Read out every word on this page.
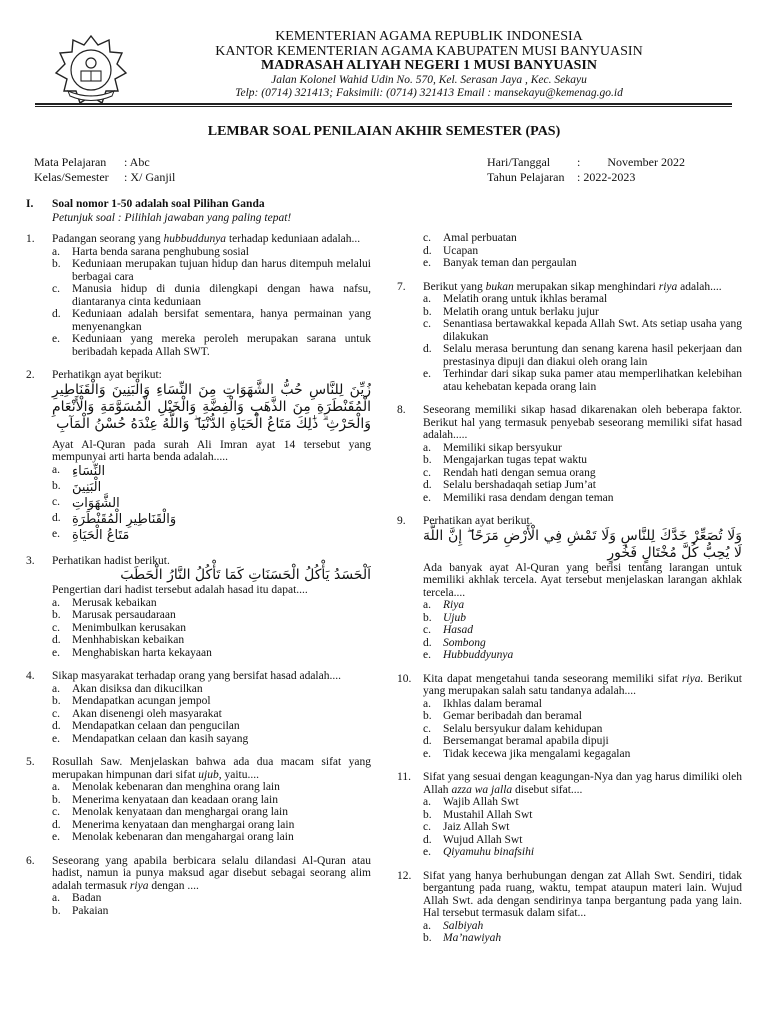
KEMENTERIAN AGAMA REPUBLIK INDONESIA
KANTOR KEMENTERIAN AGAMA KABUPATEN MUSI BANYUASIN
MADRASAH ALIYAH NEGERI 1 MUSI BANYUASIN
Jalan Kolonel Wahid Udin No. 570, Kel. Serasan Jaya , Kec. Sekayu
Telp: (0714) 321413; Faksimili: (0714) 321413 Email : mansekayu@kemenag.go.id
LEMBAR SOAL PENILAIAN AKHIR SEMESTER (PAS)
Mata Pelajaran : Abc
Kelas/Semester : X/ Ganjil
Hari/Tanggal :         November 2022
Tahun Pelajaran : 2022-2023
I. Soal nomor 1-50 adalah soal Pilihan Ganda
Petunjuk soal : Pilihlah jawaban yang paling tepat!
1.	Padangan seorang yang hubbuddunya terhadap keduniaan adalah...
a.	Harta benda sarana penghubung sosial
b. Keduniaan merupakan tujuan hidup dan harus ditempuh melalui berbagai cara
c.	Manusia hidup di dunia dilengkapi dengan hawa nafsu, diantaranya cinta keduniaan
d. Keduniaan adalah bersifat sementara, hanya permainan yang menyenangkan
e.	Keduniaan yang mereka peroleh merupakan sarana untuk beribadah kepada Allah SWT.
2.	Perhatikan ayat berikut:
زُيِّنَ لِلنَّاسِ حُبُّ الشَّهَوَاتِ مِنَ النِّسَاءِ وَالْبَنِينَ وَالْقَنَاطِيرِ الْمُقَنْطَرَةِ مِنَ الذَّهَبِ وَالْفِضَّةِ وَالْخَيْلِ الْمُسَوَّمَةِ وَالْأَنْعَامِ وَالْحَرْثِ ۗ ذَٰلِكَ مَتَاعُ الْحَيَاةِ الدُّنْيَا ۖ وَاللَّهُ عِنْدَهُ حُسْنُ الْمَآبِ
Ayat Al-Quran pada surah Ali Imran ayat 14 tersebut yang mempunyai arti harta benda adalah.....
a. النِّسَاءِ
b. الْبَنِينَ
c. الشَّهَوَاتِ
d. وَالْقَنَاطِيرِ الْمُقَنْطَرَةِ
e. مَتَاعُ الْحَيَاةِ
3.	Perhatikan hadist berikut.
اَلْحَسَدُ يَأْكُلُ الْحَسَنَاتِ كَمَا تَأْكُلُ النَّارُ الْحَطَبَ
Pengertian dari hadist tersebut adalah hasad itu dapat....
a.	Merusak kebaikan
b. Marusak persaudaraan
c.	Menimbulkan kerusakan
d. Menhhabiskan kebaikan
e.	Menghabiskan harta kekayaan
4.	Sikap masyarakat terhadap orang yang bersifat hasad adalah....
a.	Akan disiksa dan dikucilkan
b. Mendapatkan acungan jempol
c.	Akan disenengi oleh masyarakat
d. Mendapatkan celaan dan pengucilan
e.	Mendapatkan celaan dan kasih sayang
5.	Rosullah Saw. Menjelaskan bahwa ada dua macam sifat yang merupakan himpunan dari sifat ujub, yaitu....
a.	Menolak kebenaran dan menghina orang lain
b. Menerima kenyataan dan keadaan orang lain
c.	Menolak kenyataan dan menghargai orang lain
d. Menerima kenyataan dan menghargai orang lain
e.	Menolak kebenaran dan mengahargai orang lain
6.	Seseorang yang apabila berbicara selalu dilandasi Al-Quran atau hadist, namun ia punya maksud agar disebut sebagai seorang alim adalah termasuk riya dengan ....
a.	Badan
b. Pakaian
c.	Amal perbuatan
d. Ucapan
e.	Banyak teman dan pergaulan
7.	Berikut yang bukan merupakan sikap menghindari riya adalah....
a.	Melatih orang untuk ikhlas beramal
b. Melatih orang untuk berlaku jujur
c.	Senantiasa bertawakkal kepada Allah Swt. Ats setiap usaha yang dilakukan
d. Selalu merasa beruntung dan senang karena hasil pekerjaan dan prestasinya dipuji dan diakui oleh orang lain
e.	Terhindar dari sikap suka pamer atau memperlihatkan kelebihan atau kehebatan kepada orang lain
8.	Seseorang memiliki sikap hasad dikarenakan oleh beberapa faktor. Berikut hal yang termasuk penyebab seseorang memiliki sifat hasad adalah.....
a.	Memiliki sikap bersyukur
b. Mengajarkan tugas tepat waktu
c.	Rendah hati dengan semua orang
d. Selalu bershadaqah setiap Jum’at
e.	Memiliki rasa dendam dengan teman
9.	Perhatikan ayat berikut.
وَلَا تُصَعِّرْ خَدَّكَ لِلنَّاسِ وَلَا تَمْشِ فِي الْأَرْضِ مَرَحًا ۖ إِنَّ اللَّهَ لَا يُحِبُّ كُلَّ مُخْتَالٍ فَخُورٍ
Ada banyak ayat Al-Quran yang berisi tentang larangan untuk memiliki akhlak tercela. Ayat tersebut menjelaskan larangan akhlak tercela....
a.	Riya
b. Ujub
c.	Hasad
d. Sombong
e.	Hubbuddyunya
10.	Kita dapat mengetahui tanda seseorang memiliki sifat riya. Berikut yang merupakan salah satu tandanya adalah....
a.	Ikhlas dalam beramal
b. Gemar beribadah dan beramal
c.	Selalu bersyukur dalam kehidupan
d. Bersemangat beramal apabila dipuji
e.	Tidak kecewa jika mengalami kegagalan
11.	Sifat yang sesuai dengan keagungan-Nya dan yag harus dimiliki oleh Allah azza wa jalla disebut sifat....
a.	Wajib Allah Swt
b. Mustahil Allah Swt
c.	Jaiz Allah Swt
d. Wujud Allah Swt
e.	Qiyamuhu binafsihi
12.	Sifat yang hanya berhubungan dengan zat Allah Swt. Sendiri, tidak bergantung pada ruang, waktu, tempat ataupun materi lain. Wujud Allah Swt. ada dengan sendirinya tanpa bergantung pada yang lain. Hal tersebut termasuk dalam sifat...
a.	Salbiyah
b. Ma’nawiyah
